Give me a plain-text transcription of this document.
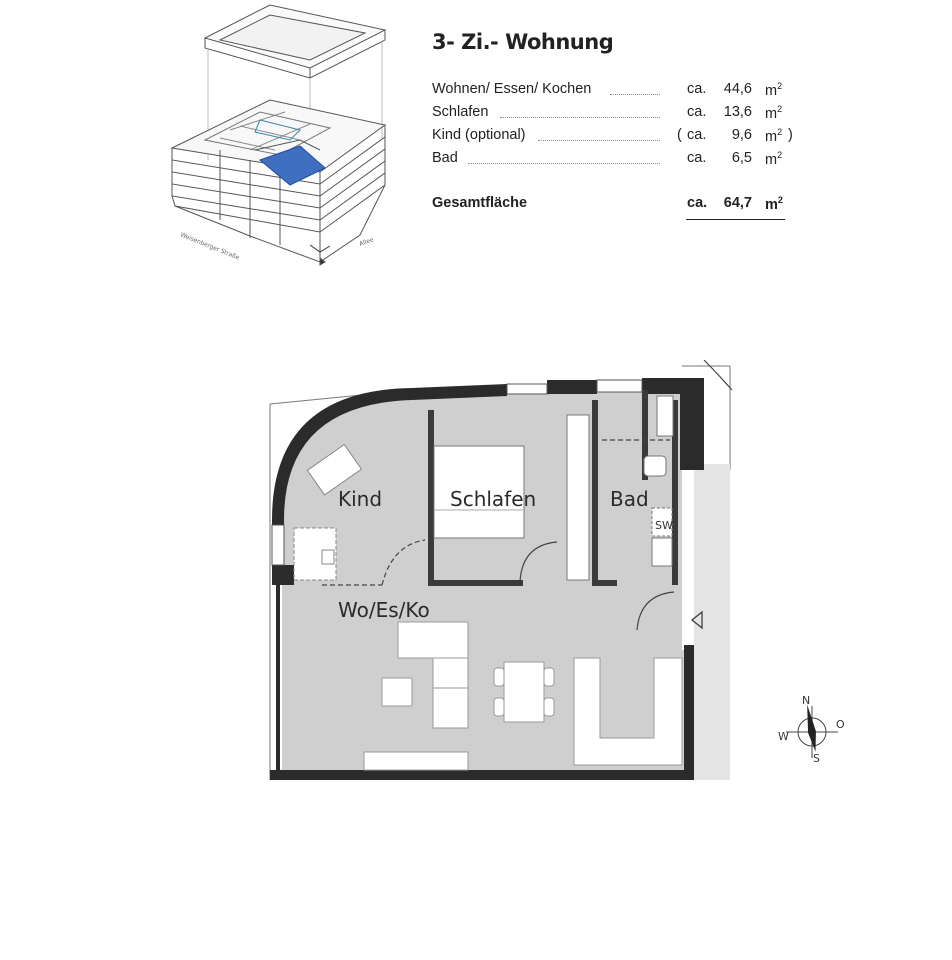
Weisenberger Straße	Allee
3- Zi.- Wohnung
Wohnen/ Essen/ Kochen	ca.	44,6 $m^2$
Schlafen	ca.	13,6 $m^2$
Kind (optional)	( ca.	9,6 $m^2$ )
Bad	ca.	6,5 $m^2$
Gesamtfläche	ca.	64,7 $m^2$
Kind	Schlafen	Bad
Wo/Es/Ko
SW
N
O
S
W
